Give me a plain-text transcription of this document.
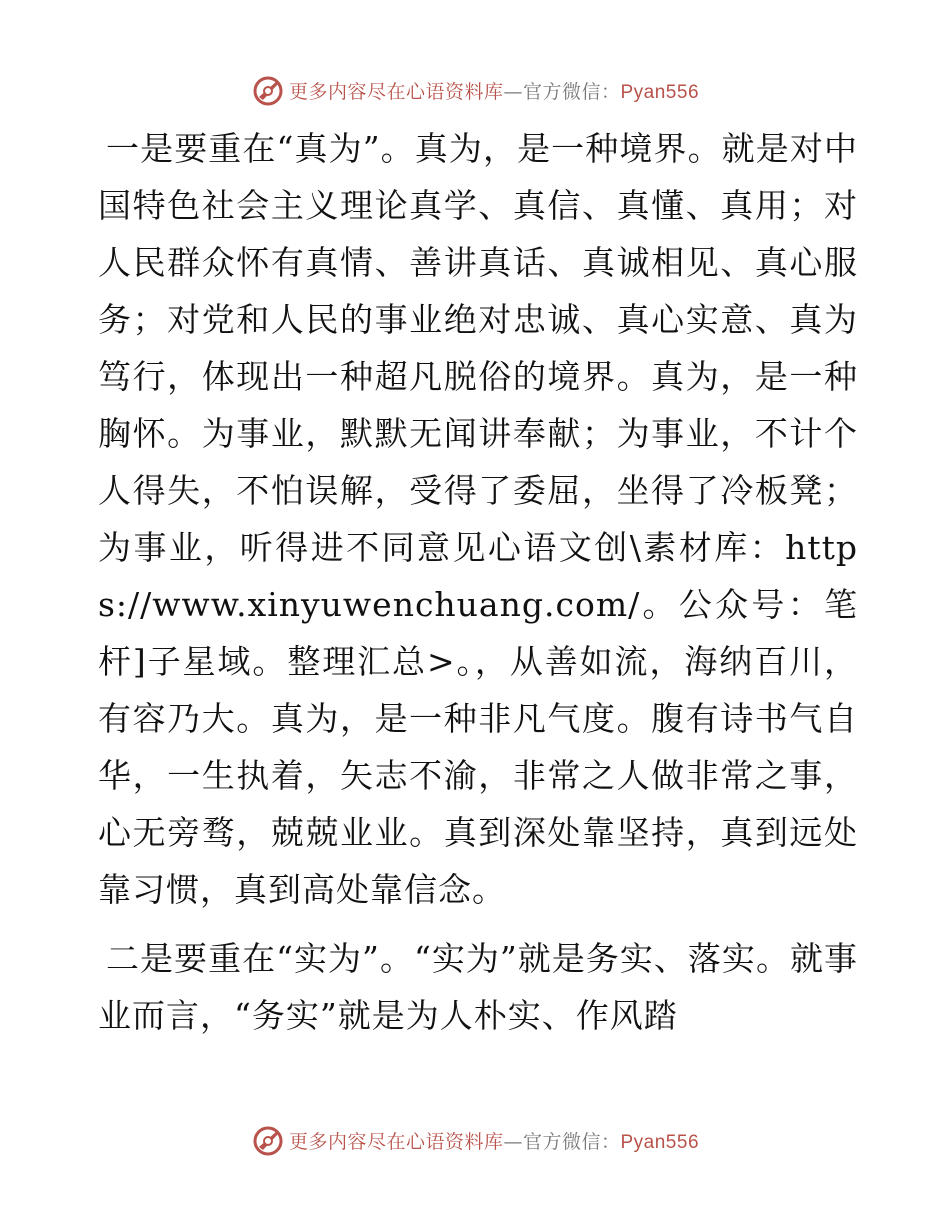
更多内容尽在心语资料库—官方微信：Pyan556

一是要重在“真为”。真为，是一种境界。就是对中国特色社会主义理论真学、真信、真懂、真用；对人民群众怀有真情、善讲真话、真诚相见、真心服务；对党和人民的事业绝对忠诚、真心实意、真为笃行，体现出一种超凡脱俗的境界。真为，是一种胸怀。为事业，默默无闻讲奉献；为事业，不计个人得失，不怕误解，受得了委屈，坐得了冷板凳；为事业，听得进不同意见心语文创\素材库：https://www.xinyuwenchuang.com/。公众号：笔杆]子星域。整理汇总>。，从善如流，海纳百川，有容乃大。真为，是一种非凡气度。腹有诗书气自华，一生执着，矢志不渝，非常之人做非常之事，心无旁骛，兢兢业业。真到深处靠坚持，真到远处靠习惯，真到高处靠信念。

二是要重在“实为”。“实为”就是务实、落实。就事业而言，“务实”就是为人朴实、作风踏

更多内容尽在心语资料库—官方微信：Pyan556
